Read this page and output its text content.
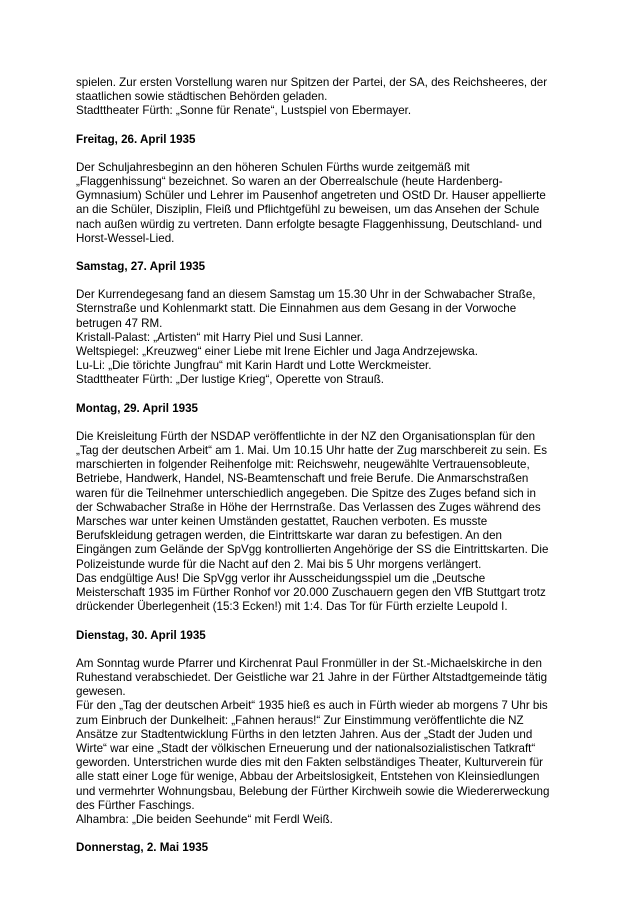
spielen. Zur ersten Vorstellung waren nur Spitzen der Partei, der SA, des Reichsheeres, der
staatlichen sowie städtischen Behörden geladen.
Stadttheater Fürth: „Sonne für Renate“, Lustspiel von Ebermayer.
Freitag, 26. April 1935
Der Schuljahresbeginn an den höheren Schulen Fürths wurde zeitgemäß mit
„Flaggenhissung“ bezeichnet. So waren an der Oberrealschule (heute Hardenberg-
Gymnasium) Schüler und Lehrer im Pausenhof angetreten und OStD Dr. Hauser appellierte
an die Schüler, Disziplin, Fleiß und Pflichtgefühl zu beweisen, um das Ansehen der Schule
nach außen würdig zu vertreten. Dann erfolgte besagte Flaggenhissung, Deutschland- und
Horst-Wessel-Lied.
Samstag, 27. April 1935
Der Kurrendegesang fand an diesem Samstag um 15.30 Uhr in der Schwabacher Straße,
Sternstraße und Kohlenmarkt statt. Die Einnahmen aus dem Gesang in der Vorwoche
betrugen 47 RM.
Kristall-Palast: „Artisten“ mit Harry Piel und Susi Lanner.
Weltspiegel: „Kreuzweg“ einer Liebe mit Irene Eichler und Jaga Andrzejewska.
Lu-Li: „Die törichte Jungfrau“ mit Karin Hardt und Lotte Werckmeister.
Stadttheater Fürth: „Der lustige Krieg“, Operette von Strauß.
Montag, 29. April 1935
Die Kreisleitung Fürth der NSDAP veröffentlichte in der NZ den Organisationsplan für den
„Tag der deutschen Arbeit“ am 1. Mai. Um 10.15 Uhr hatte der Zug marschbereit zu sein. Es
marschierten in folgender Reihenfolge mit: Reichswehr, neugewählte Vertrauensobleute,
Betriebe, Handwerk, Handel, NS-Beamtenschaft und freie Berufe. Die Anmarschstraßen
waren für die Teilnehmer unterschiedlich angegeben. Die Spitze des Zuges befand sich in
der Schwabacher Straße in Höhe der Herrnstraße. Das Verlassen des Zuges während des
Marsches war unter keinen Umständen gestattet, Rauchen verboten. Es musste
Berufskleidung getragen werden, die Eintrittskarte war daran zu befestigen. An den
Eingängen zum Gelände der SpVgg kontrollierten Angehörige der SS die Eintrittskarten. Die
Polizeistunde wurde für die Nacht auf den 2. Mai bis 5 Uhr morgens verlängert.
Das endgültige Aus! Die SpVgg verlor ihr Ausscheidungsspiel um die „Deutsche
Meisterschaft 1935 im Fürther Ronhof vor 20.000 Zuschauern gegen den VfB Stuttgart trotz
drückender Überlegenheit (15:3 Ecken!) mit 1:4. Das Tor für Fürth erzielte Leupold I.
Dienstag, 30. April 1935
Am Sonntag wurde Pfarrer und Kirchenrat Paul Fronmüller in der St.-Michaelskirche in den
Ruhestand verabschiedet. Der Geistliche war 21 Jahre in der Fürther Altstadtgemeinde tätig
gewesen.
Für den „Tag der deutschen Arbeit“ 1935 hieß es auch in Fürth wieder ab morgens 7 Uhr bis
zum Einbruch der Dunkelheit: „Fahnen heraus!“ Zur Einstimmung veröffentlichte die NZ
Ansätze zur Stadtentwicklung Fürths in den letzten Jahren. Aus der „Stadt der Juden und
Wirte“ war eine „Stadt der völkischen Erneuerung und der nationalsozialistischen Tatkraft“
geworden. Unterstrichen wurde dies mit den Fakten selbständiges Theater, Kulturverein für
alle statt einer Loge für wenige, Abbau der Arbeitslosigkeit, Entstehen von Kleinsiedlungen
und vermehrter Wohnungsbau, Belebung der Fürther Kirchweih sowie die Wiedererweckung
des Fürther Faschings.
Alhambra: „Die beiden Seehunde“ mit Ferdl Weiß.
Donnerstag, 2. Mai 1935
